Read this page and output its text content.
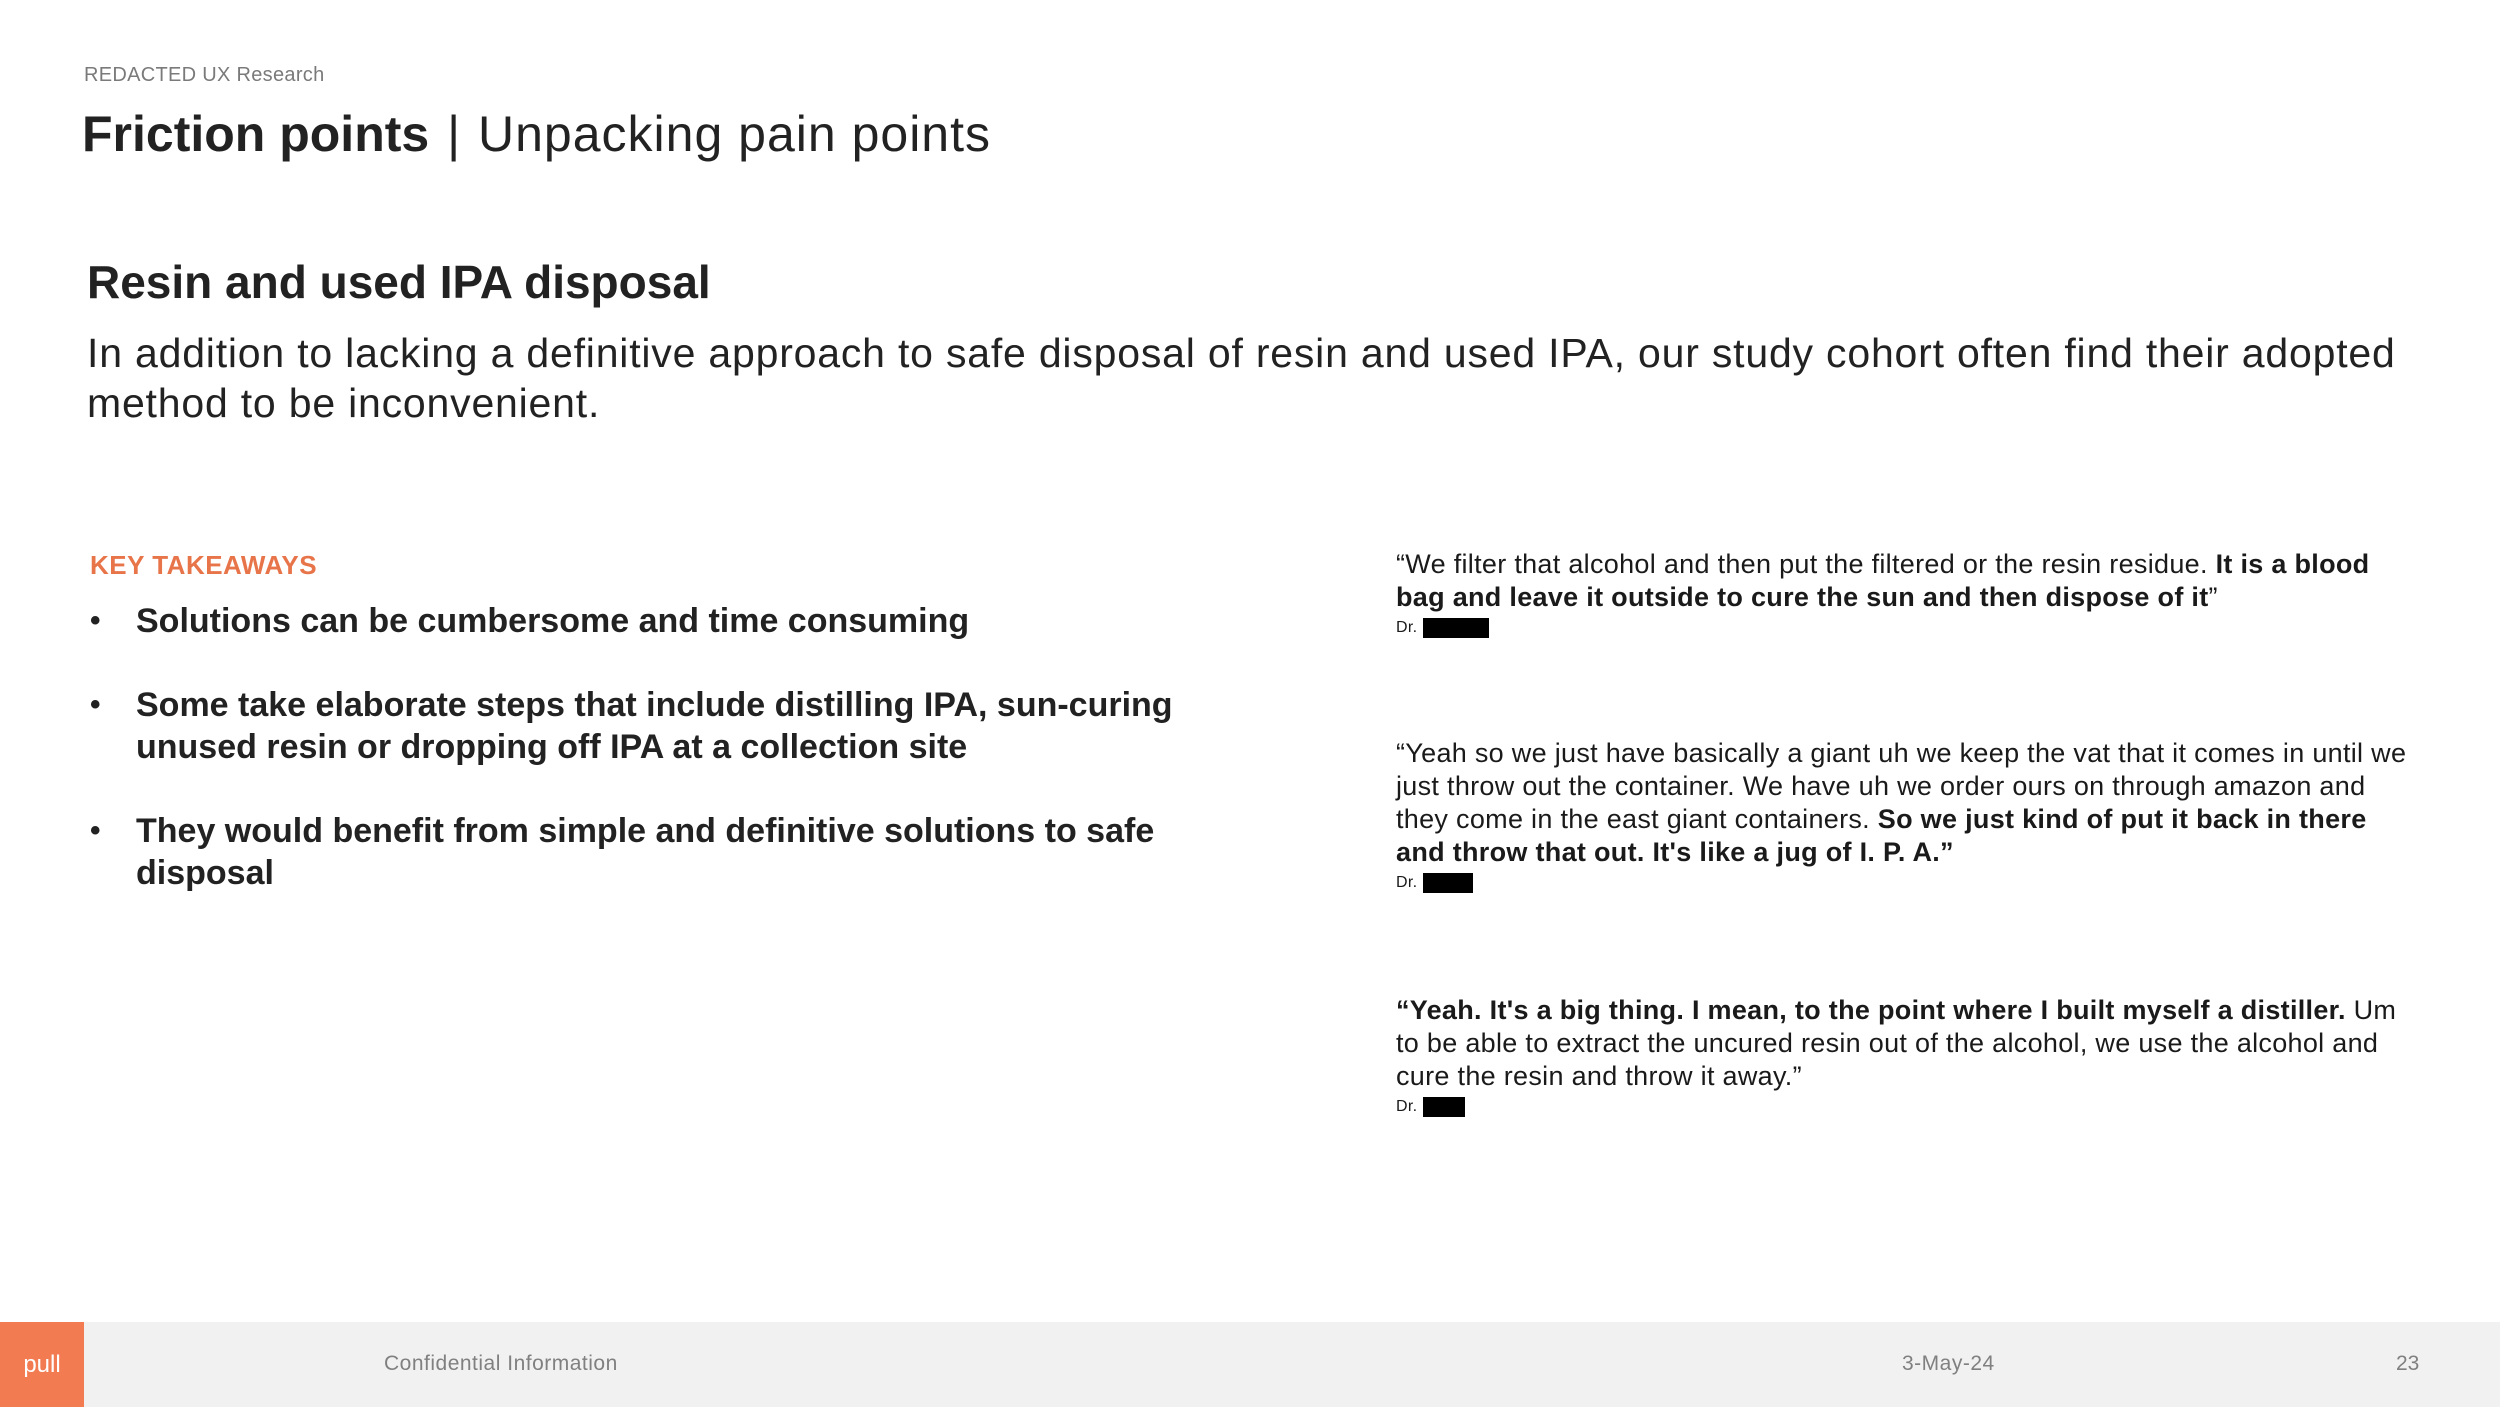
REDACTED UX Research
Friction points | Unpacking pain points
Resin and used IPA disposal

In addition to lacking a definitive approach to safe disposal of resin and used IPA, our study cohort often find their adopted method to be inconvenient.

KEY TAKEAWAYS
• Solutions can be cumbersome and time consuming
• Some take elaborate steps that include distilling IPA, sun-curing unused resin or dropping off IPA at a collection site
• They would benefit from simple and definitive solutions to safe disposal
“We filter that alcohol and then put the filtered or the resin residue. It is a blood bag and leave it outside to cure the sun and then dispose of it”
Dr.
“Yeah so we just have basically a giant uh we keep the vat that it comes in until we just throw out the container. We have uh we order ours on through amazon and they come in the east giant containers. So we just kind of put it back in there and throw that out. It's like a jug of I. P. A.”
Dr.
“Yeah. It's a big thing. I mean, to the point where I built myself a distiller. Um to be able to extract the uncured resin out of the alcohol, we use the alcohol and cure the resin and throw it away.”
Dr.
pull	Confidential Information	3-May-24	23
